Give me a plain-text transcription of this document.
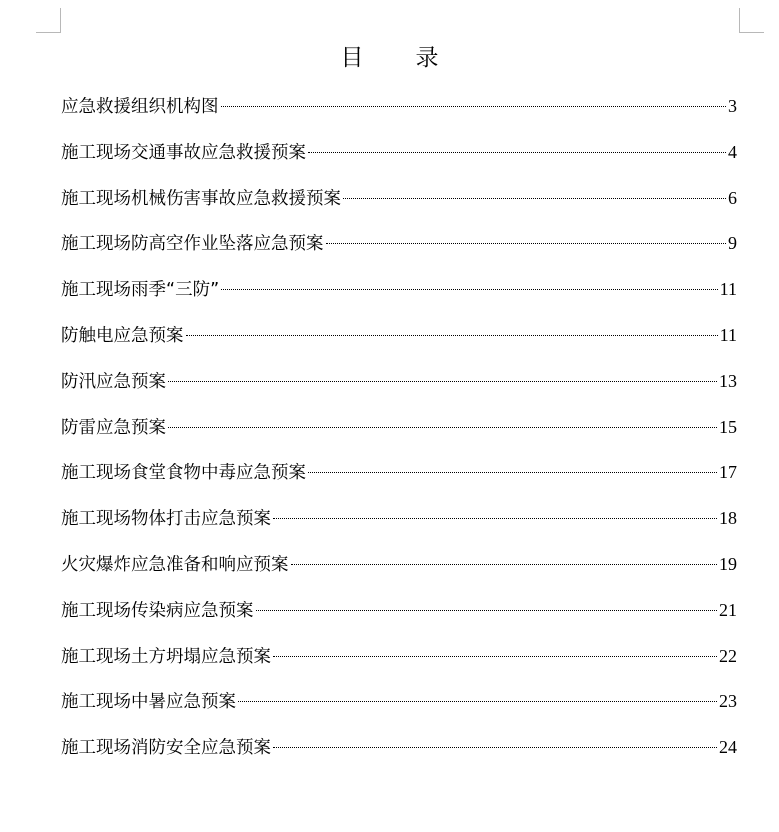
目 录
应急救援组织机构图	3
施工现场交通事故应急救援预案	4
施工现场机械伤害事故应急救援预案	6
施工现场防高空作业坠落应急预案	9
施工现场雨季“三防”	11
防触电应急预案	11
防汛应急预案	13
防雷应急预案	15
施工现场食堂食物中毒应急预案	17
施工现场物体打击应急预案	18
火灾爆炸应急准备和响应预案	19
施工现场传染病应急预案	21
施工现场土方坍塌应急预案	22
施工现场中暑应急预案	23
施工现场消防安全应急预案	24
